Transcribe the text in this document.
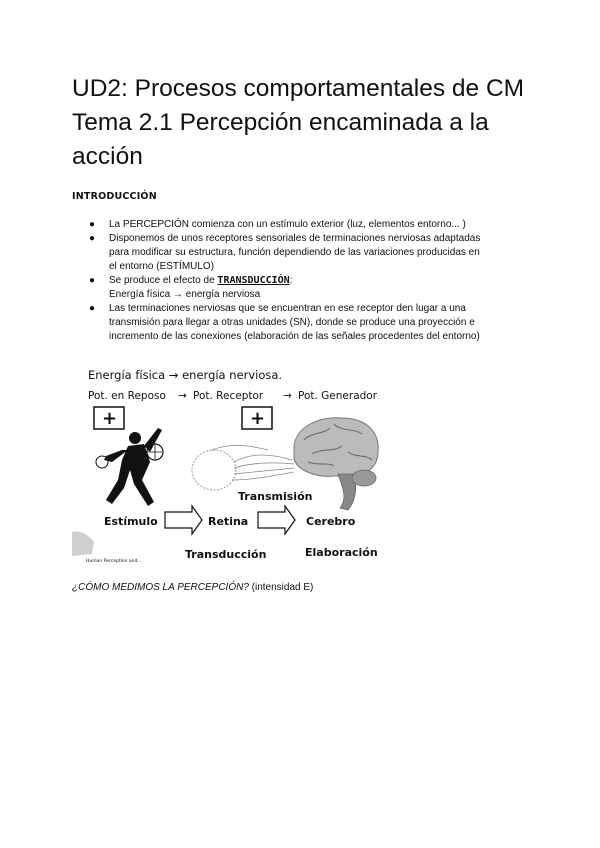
UD2: Procesos comportamentales de CM
Tema 2.1 Percepción encaminada a la
acción
INTRODUCCIÓN
● La PERCEPCIÓN comienza con un estímulo exterior (luz, elementos entorno... )
● Disponemos de unos receptores sensoriales de terminaciones nerviosas adaptadas
para modificar su estructura, función dependiendo de las variaciones producidas en
el entorno (ESTÍMULO)
● Se produce el efecto de TRANSDUCCIÓN:
Energía física → energía nerviosa
● Las terminaciones nerviosas que se encuentran en ese receptor den lugar a una
transmisión para llegar a otras unidades (SN), donde se produce una proyección e
incremento de las conexiones (elaboración de las señales procedentes del entorno)
Energía física → energía nerviosa.
Pot. en Reposo → Pot. Receptor → Pot. Generador
+	+
Human Perception and...
Transmisión
Estímulo	Retina	Cerebro
Transducción	Elaboración
¿CÓMO MEDIMOS LA PERCEPCIÓN? (intensidad E)
